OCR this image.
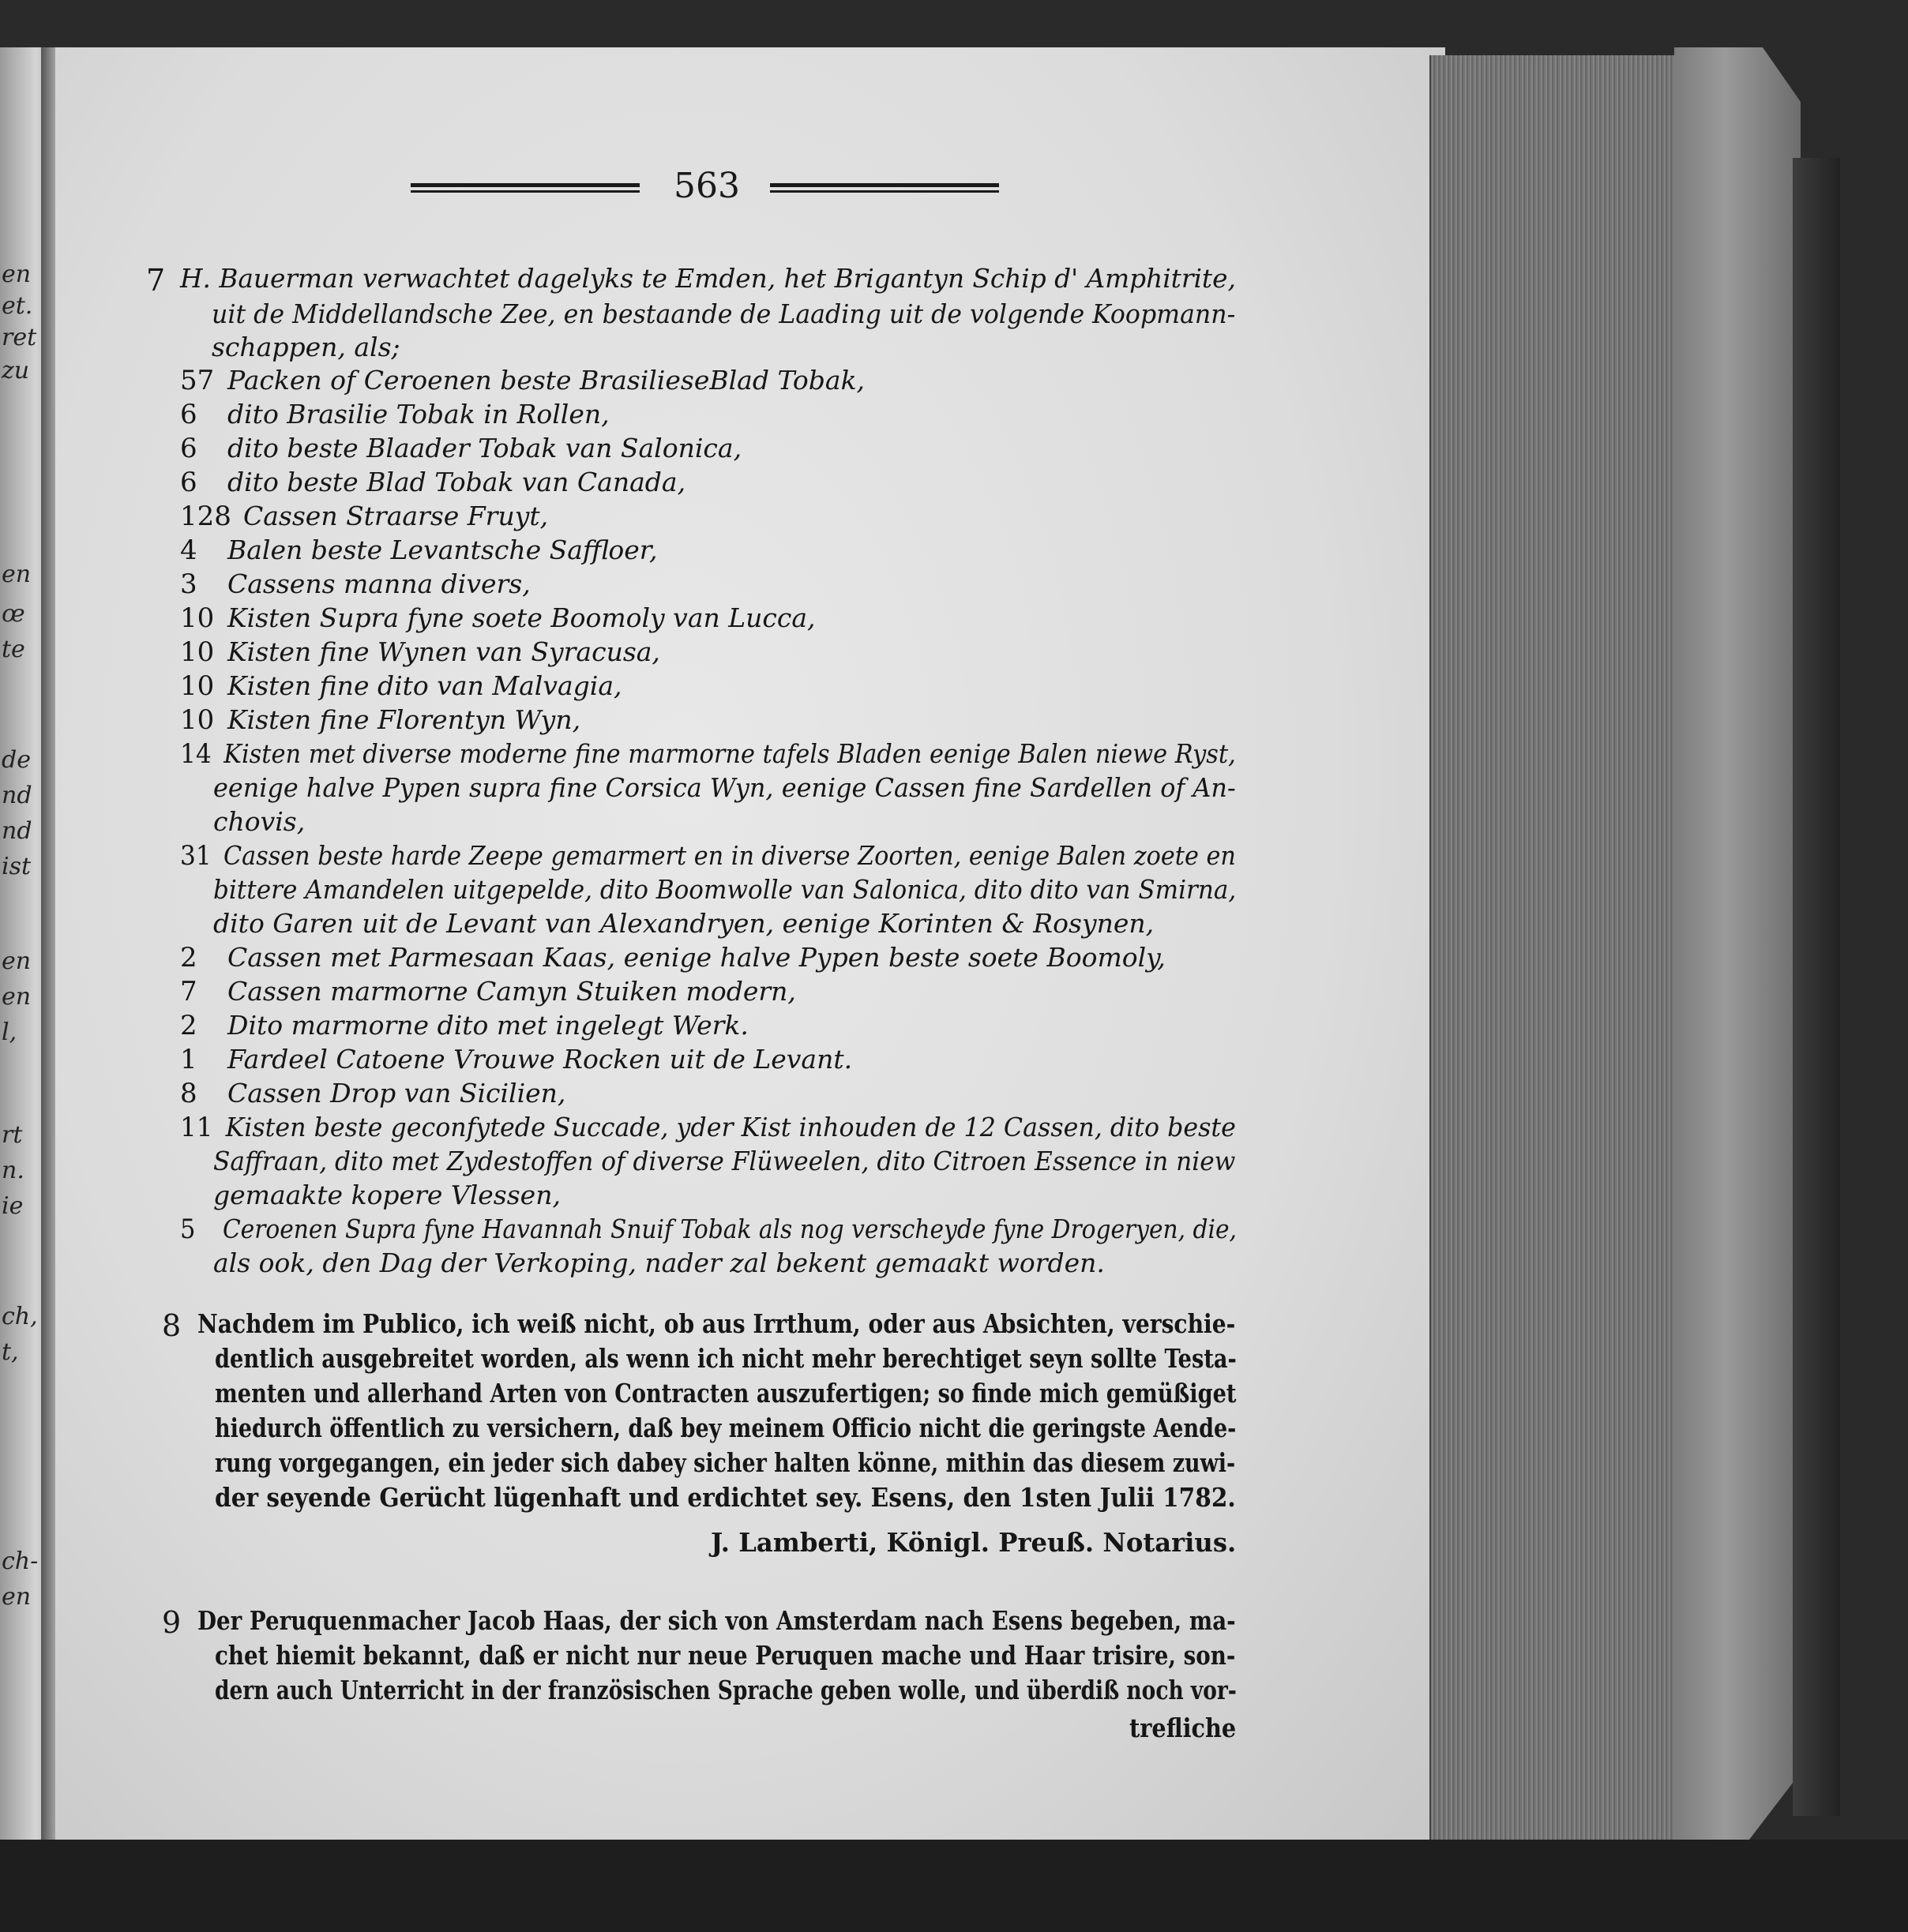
en
et.
ret
zu
en
œ
te
de
nd
nd
ist
en
en
l,
rt
n.
ie
ch,
t,
ch-
en
563
7 H. Bauerman verwachtet dagelyks te Emden, het Brigantyn Schip d' Amphitrite,
uit de Middellandsche Zee, en bestaande de Laading uit de volgende Koopmann-
schappen, als;
57 Packen of Ceroenen beste BrasilieseBlad Tobak,
6 dito Brasilie Tobak in Rollen,
6 dito beste Blaader Tobak van Salonica,
6 dito beste Blad Tobak van Canada,
128 Cassen Straarse Fruyt,
4 Balen beste Levantsche Saffloer,
3 Cassens manna divers,
10 Kisten Supra fyne soete Boomoly van Lucca,
10 Kisten fine Wynen van Syracusa,
10 Kisten fine dito van Malvagia,
10 Kisten fine Florentyn Wyn,
14 Kisten met diverse moderne fine marmorne tafels Bladen eenige Balen niewe Ryst,
eenige halve Pypen supra fine Corsica Wyn, eenige Cassen fine Sardellen of An-
chovis,
31 Cassen beste harde Zeepe gemarmert en in diverse Zoorten, eenige Balen zoete en
bittere Amandelen uitgepelde, dito Boomwolle van Salonica, dito dito van Smirna,
dito Garen uit de Levant van Alexandryen, eenige Korinten & Rosynen,
2 Cassen met Parmesaan Kaas, eenige halve Pypen beste soete Boomoly,
7 Cassen marmorne Camyn Stuiken modern,
2 Dito marmorne dito met ingelegt Werk.
1 Fardeel Catoene Vrouwe Rocken uit de Levant.
8 Cassen Drop van Sicilien,
11 Kisten beste geconfytede Succade, yder Kist inhouden de 12 Cassen, dito beste
Saffraan, dito met Zydestoffen of diverse Flüweelen, dito Citroen Essence in niew
gemaakte kopere Vlessen,
5 Ceroenen Supra fyne Havannah Snuif Tobak als nog verscheyde fyne Drogeryen, die,
als ook, den Dag der Verkoping, nader zal bekent gemaakt worden.
8 Nachdem im Publico, ich weiß nicht, ob aus Irrthum, oder aus Absichten, verschie-
dentlich ausgebreitet worden, als wenn ich nicht mehr berechtiget seyn sollte Testa-
menten und allerhand Arten von Contracten auszufertigen; so finde mich gemüßiget
hiedurch öffentlich zu versichern, daß bey meinem Officio nicht die geringste Aende-
rung vorgegangen, ein jeder sich dabey sicher halten könne, mithin das diesem zuwi-
der seyende Gerücht lügenhaft und erdichtet sey. Esens, den 1sten Julii 1782.
J. Lamberti, Königl. Preuß. Notarius.
9 Der Peruquenmacher Jacob Haas, der sich von Amsterdam nach Esens begeben, ma-
chet hiemit bekannt, daß er nicht nur neue Peruquen mache und Haar trisire, son-
dern auch Unterricht in der französischen Sprache geben wolle, und überdiß noch vor-
trefliche
